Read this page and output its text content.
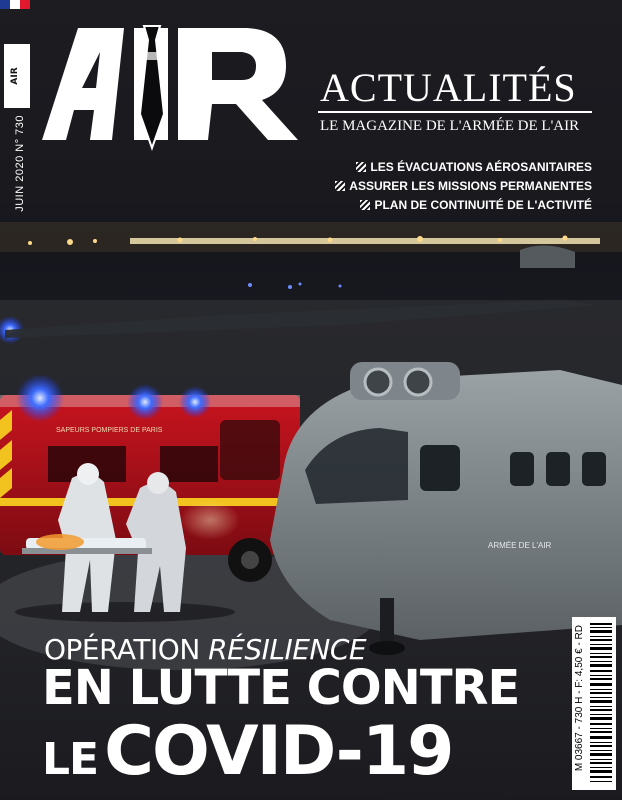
SAPEURS POMPIERS DE PARIS
ARMÉE DE L'AIR
AIR
JUIN 2020 N° 730
ACTUALITÉS
LE MAGAZINE DE L'ARMÉE DE L'AIR
LES ÉVACUATIONS AÉROSANITAIRES
ASSURER LES MISSIONS PERMANENTES
PLAN DE CONTINUITÉ DE L'ACTIVITÉ
OPÉRATION RÉSILIENCE
EN LUTTE CONTRE
LECOVID-19	M 03667 - 730 H - F: 4,50 € - RD
